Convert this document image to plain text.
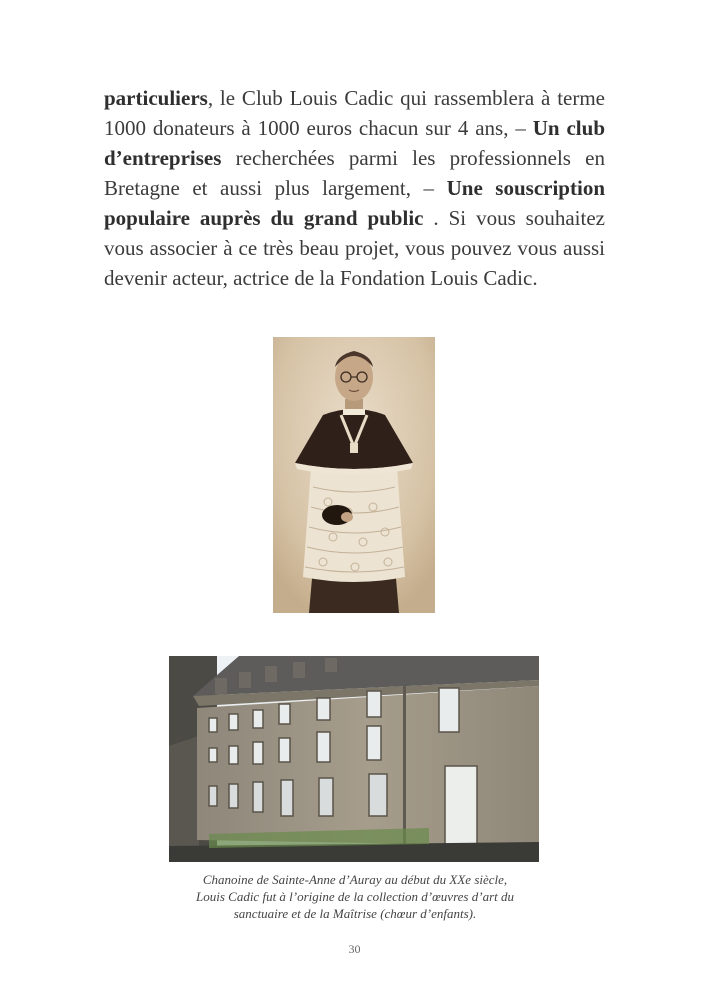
particuliers, le Club Louis Cadic qui rassemblera à terme 1000 donateurs à 1000 euros chacun sur 4 ans, – Un club d’entreprises recherchées parmi les professionnels en Bretagne et aussi plus largement, – Une souscription populaire auprès du grand public . Si vous souhaitez vous associer à ce très beau projet, vous pouvez vous aussi devenir acteur, actrice de la Fondation Louis Cadic.

Chanoine de Sainte-Anne d’Auray au début du XXe siècle,
Louis Cadic fut à l’origine de la collection d’œuvres d’art du
sanctuaire et de la Maîtrise (chœur d’enfants).
30
